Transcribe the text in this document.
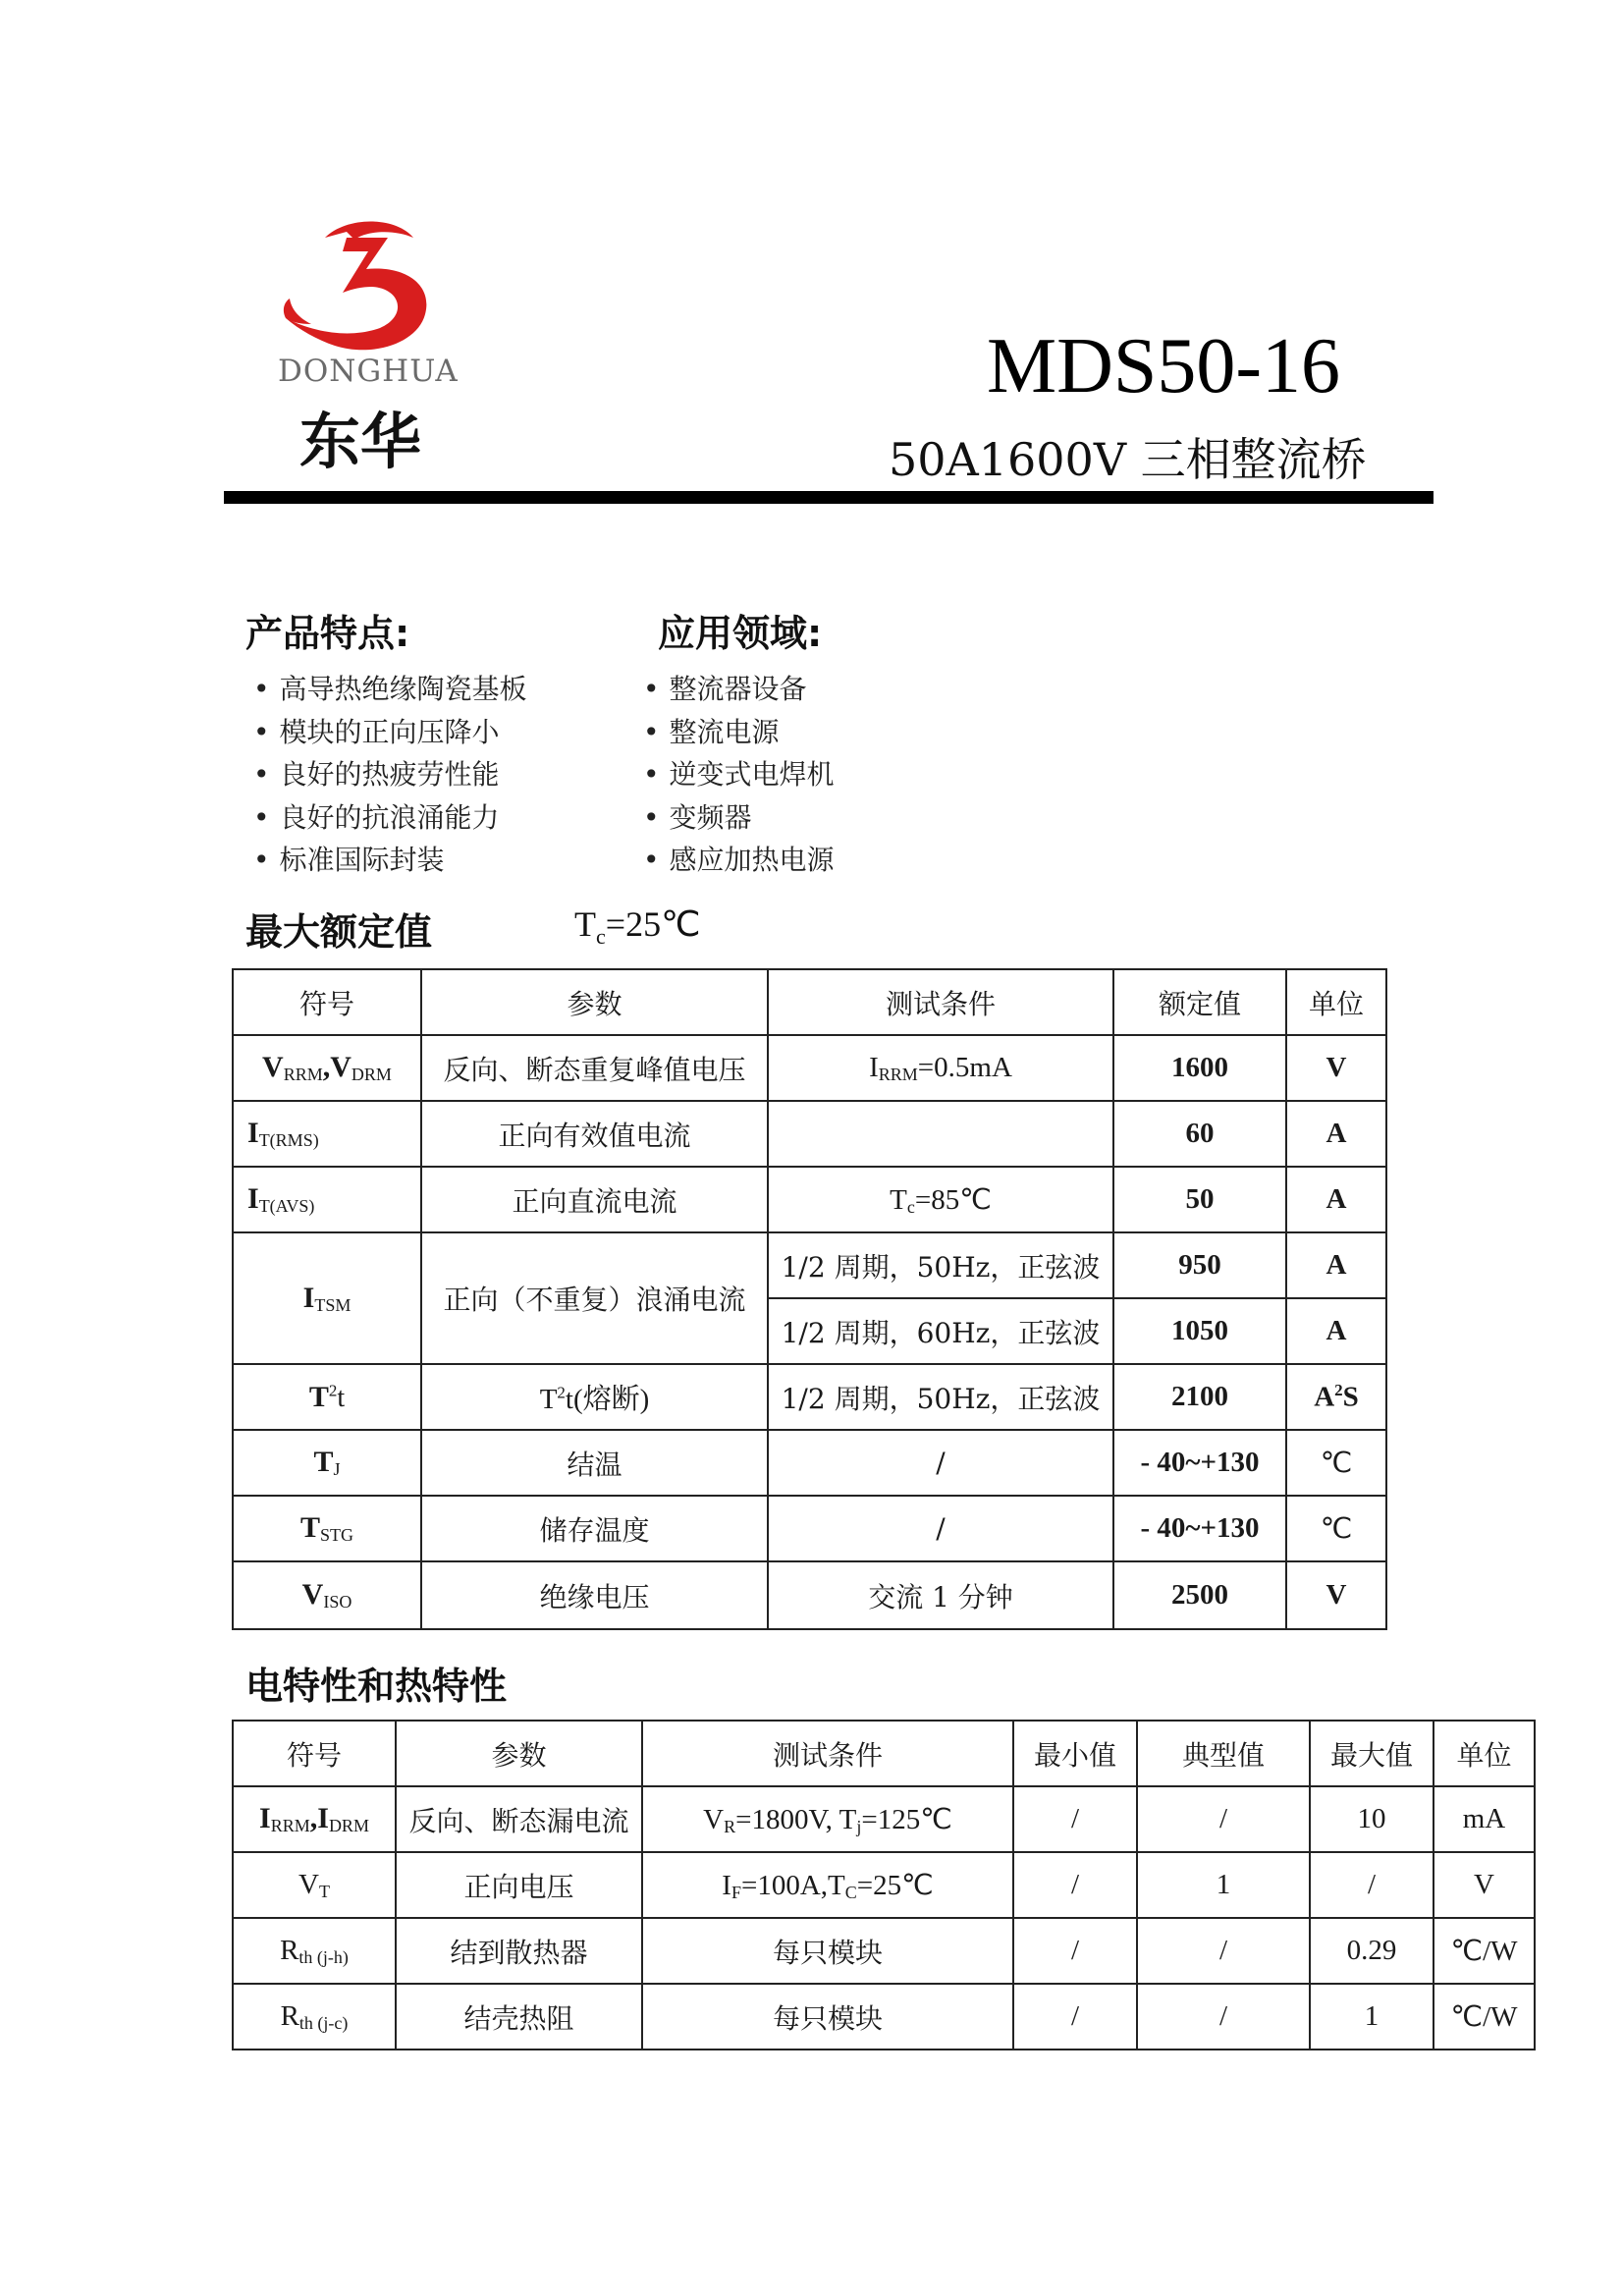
DONGHUA
东华
MDS50-16
50A1600V 三相整流桥
产品特点:	应用领域:
• 高导热绝缘陶瓷基板
• 模块的正向压降小
• 良好的热疲劳性能
• 良好的抗浪涌能力
• 标准国际封装
• 整流器设备
• 整流电源
• 逆变式电焊机
• 变频器
• 感应加热电源
最大额定值	$T_c=25℃$
符号	参数	测试条件	额定值	单位
$V_{RRM},V_{DRM}$	反向、断态重复峰值电压	$I_{RRM}=0.5mA$	1600	V
$I_{T(RMS)}$	正向有效值电流		60	A
$I_{T(AVS)}$	正向直流电流	$T_c=85℃$	50	A
$I_{TSM}$	正向（不重复）浪涌电流	1/2 周期，50Hz，正弦波	950	A
		1/2 周期，60Hz，正弦波	1050	A
$T^2t$	$T^2t$(熔断)	1/2 周期，50Hz，正弦波	2100	$A^2S$
$T_J$	结温	/	- 40~+130	℃
$T_{STG}$	储存温度	/	- 40~+130	℃
$V_{ISO}$	绝缘电压	交流 1 分钟	2500	V
电特性和热特性
符号	参数	测试条件	最小值	典型值	最大值	单位
$I_{RRM},I_{DRM}$	反向、断态漏电流	$V_R=1800V$, $T_j=125℃$	/	/	10	mA
$V_T$	正向电压	$I_F=100A,T_C=25℃$	/	1	/	V
$R_{th (j-h)}$	结到散热器	每只模块	/	/	0.29	℃/W
$R_{th (j-c)}$	结壳热阻	每只模块	/	/	1	℃/W
